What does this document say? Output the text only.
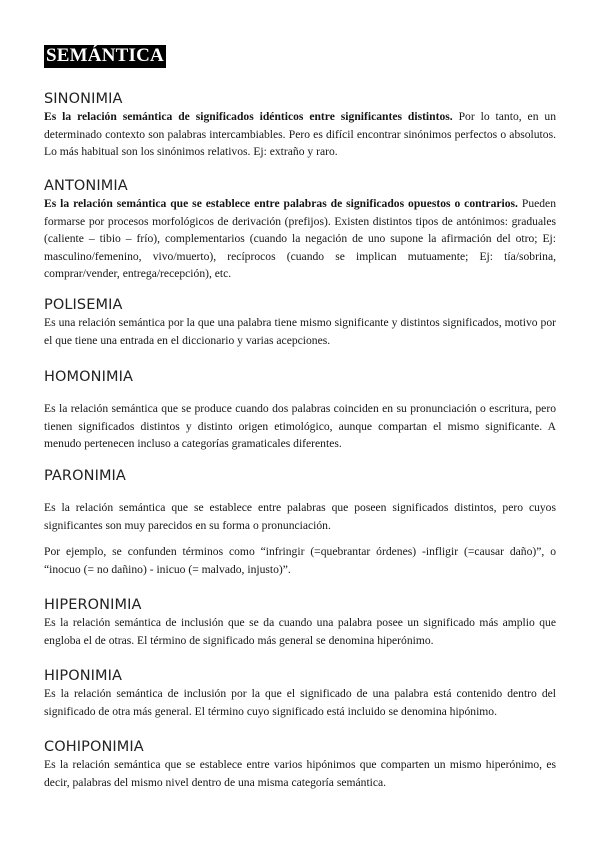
SEMÁNTICA
SINONIMIA

Es la relación semántica de significados idénticos entre significantes distintos. Por lo tanto, en un determinado contexto son palabras intercambiables. Pero es difícil encontrar sinónimos perfectos o absolutos. Lo más habitual son los sinónimos relativos. Ej: extraño y raro.

ANTONIMIA

Es la relación semántica que se establece entre palabras de significados opuestos o contrarios. Pueden formarse por procesos morfológicos de derivación (prefijos). Existen distintos tipos de antónimos: graduales (caliente – tibio – frío), complementarios (cuando la negación de uno supone la afirmación del otro; Ej: masculino/femenino, vivo/muerto), recíprocos (cuando se implican mutuamente; Ej: tía/sobrina, comprar/vender, entrega/recepción), etc.

POLISEMIA

Es una relación semántica por la que una palabra tiene mismo significante y distintos significados, motivo por el que tiene una entrada en el diccionario y varias acepciones.

HOMONIMIA

Es la relación semántica que se produce cuando dos palabras coinciden en su pronunciación o escritura, pero tienen significados distintos y distinto origen etimológico, aunque compartan el mismo significante. A menudo pertenecen incluso a categorías gramaticales diferentes.

PARONIMIA

Es la relación semántica que se establece entre palabras que poseen significados distintos, pero cuyos significantes son muy parecidos en su forma o pronunciación.

Por ejemplo, se confunden términos como “infringir (=quebrantar órdenes) -infligir (=causar daño)”, o “inocuo (= no dañino) - inicuo (= malvado, injusto)”.

HIPERONIMIA

Es la relación semántica de inclusión que se da cuando una palabra posee un significado más amplio que engloba el de otras. El término de significado más general se denomina hiperónimo.

HIPONIMIA

Es la relación semántica de inclusión por la que el significado de una palabra está contenido dentro del significado de otra más general. El término cuyo significado está incluido se denomina hipónimo.

COHIPONIMIA

Es la relación semántica que se establece entre varios hipónimos que comparten un mismo hiperónimo, es decir, palabras del mismo nivel dentro de una misma categoría semántica.
